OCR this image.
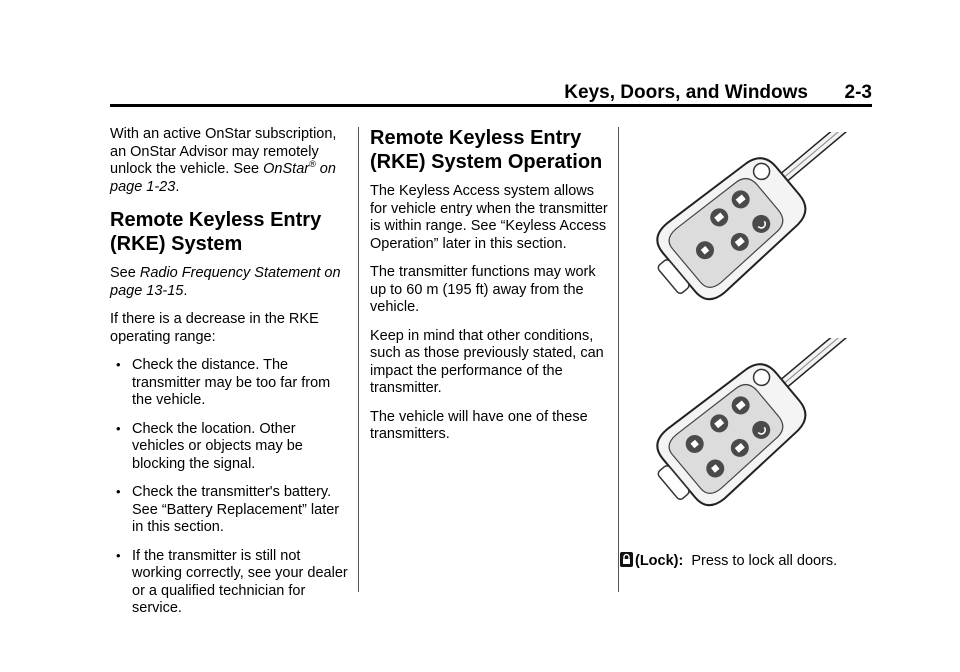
Keys, Doors, and Windows 2-3

With an active OnStar subscription, an OnStar Advisor may remotely unlock the vehicle. See OnStar® on page 1-23.

Remote Keyless Entry (RKE) System

See Radio Frequency Statement on page 13-15.

If there is a decrease in the RKE operating range:

• Check the distance. The transmitter may be too far from the vehicle.
• Check the location. Other vehicles or objects may be blocking the signal.
• Check the transmitter's battery. See “Battery Replacement” later in this section.
• If the transmitter is still not working correctly, see your dealer or a qualified technician for service.
Remote Keyless Entry (RKE) System Operation

The Keyless Access system allows for vehicle entry when the transmitter is within range. See “Keyless Access Operation” later in this section.

The transmitter functions may work up to 60 m (195 ft) away from the vehicle.

Keep in mind that other conditions, such as those previously stated, can impact the performance of the transmitter.

The vehicle will have one of these transmitters.

(Lock): Press to lock all doors.
